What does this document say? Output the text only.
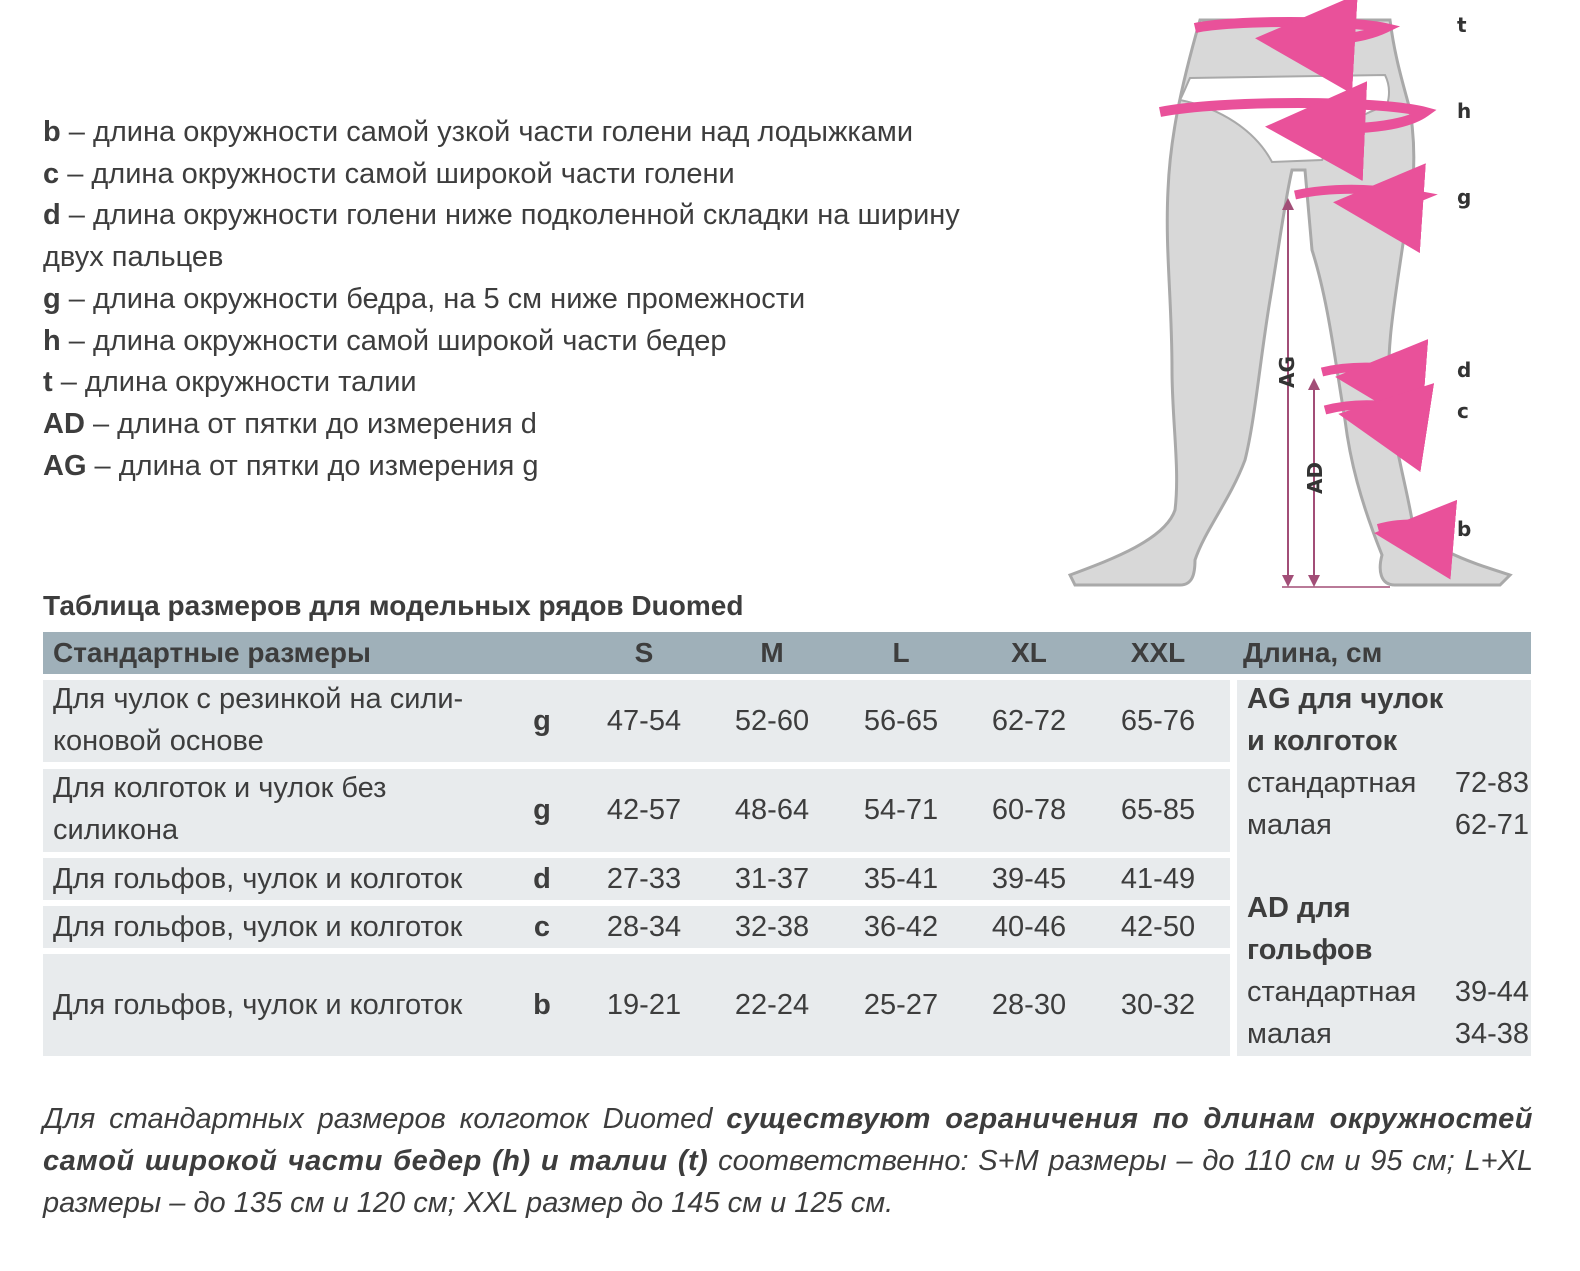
b – длина окружности самой узкой части голени над лодыжками
c – длина окружности самой широкой части голени
d – длина окружности голени ниже подколенной складки на ширину
двух пальцев
g – длина окружности бедра, на 5 см ниже промежности
h – длина окружности самой широкой части бедер
t – длина окружности талии
AD – длина от пятки до измерения d
AG – длина от пятки до измерения g
t
h
g
d
c
b
AG
AD
Таблица размеров для модельных рядов Duomed
Стандартные размеры	S	M	L	XL	XXL	Длина, см
Для чулок с резинкой на сили-
коновой основе
g	47-54	52-60	56-65	62-72	65-76
Для колготок и чулок без
силикона
g	42-57	48-64	54-71	60-78	65-85
Для гольфов, чулок и колготок d	27-33	31-37	35-41	39-45	41-49
Для гольфов, чулок и колготок c	28-34	32-38	36-42	40-46	42-50
Для гольфов, чулок и колготок b	19-21	22-24	25-27	28-30	30-32
AG для чулок
и колготок
стандартная 72-83
малая	62-71
AD для
гольфов
стандартная 39-44
малая	34-38
Для стандартных размеров колготок Duomed существуют ограничения по длинам окружностей самой широкой части бедер (h) и талии (t) соответственно: S+M размеры – до 110 см и 95 см; L+XL размеры – до 135 см и 120 см; XXL размер до 145 см и 125 см.
